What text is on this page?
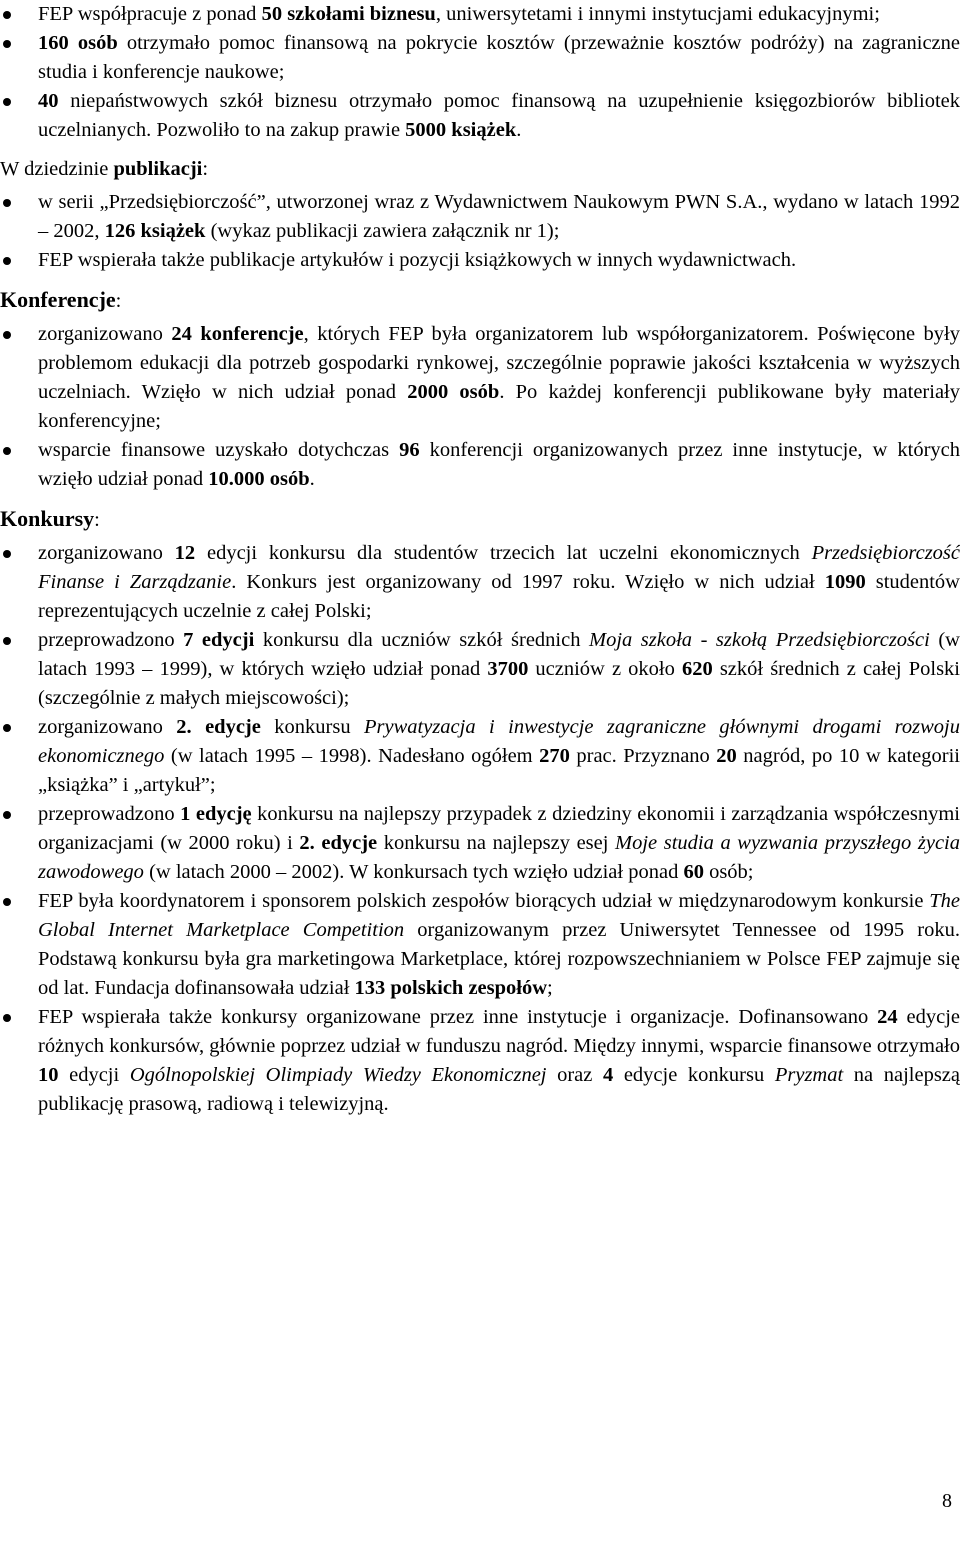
FEP współpracuje z ponad 50 szkołami biznesu, uniwersytetami i innymi instytucjami edukacyjnymi;
160 osób otrzymało pomoc finansową na pokrycie kosztów (przeważnie kosztów podróży) na zagraniczne studia i konferencje naukowe;
40 niepaństwowych szkół biznesu otrzymało pomoc finansową na uzupełnienie księgozbiorów bibliotek uczelnianych. Pozwoliło to na zakup prawie 5000 książek.
W dziedzinie publikacji:
w serii „Przedsiębiorczość”, utworzonej wraz z Wydawnictwem Naukowym PWN S.A., wydano w latach 1992 – 2002, 126 książek (wykaz publikacji zawiera załącznik nr 1);
FEP wspierała także publikacje artykułów i pozycji książkowych w innych wydawnictwach.
Konferencje:
zorganizowano 24 konferencje, których FEP była organizatorem lub współorganizatorem. Poświęcone były problemom edukacji dla potrzeb gospodarki rynkowej, szczególnie poprawie jakości kształcenia w wyższych uczelniach. Wzięło w nich udział ponad 2000 osób. Po każdej konferencji publikowane były materiały konferencyjne;
wsparcie finansowe uzyskało dotychczas 96 konferencji organizowanych przez inne instytucje, w których wzięło udział ponad 10.000 osób.
Konkursy:
zorganizowano 12 edycji konkursu dla studentów trzecich lat uczelni ekonomicznych Przedsiębiorczość Finanse i Zarządzanie. Konkurs jest organizowany od 1997 roku. Wzięło w nich udział 1090 studentów reprezentujących uczelnie z całej Polski;
przeprowadzono 7 edycji konkursu dla uczniów szkół średnich Moja szkoła - szkołą Przedsiębiorczości (w latach 1993 – 1999), w których wzięło udział ponad 3700 uczniów z około 620 szkół średnich z całej Polski (szczególnie z małych miejscowości);
zorganizowano 2. edycje konkursu Prywatyzacja i inwestycje zagraniczne głównymi drogami rozwoju ekonomicznego (w latach 1995 – 1998). Nadesłano ogółem 270 prac. Przyznano 20 nagród, po 10 w kategorii „książka” i „artykuł”;
przeprowadzono 1 edycję konkursu na najlepszy przypadek z dziedziny ekonomii i zarządzania współczesnymi organizacjami (w 2000 roku) i 2. edycje konkursu na najlepszy esej Moje studia a wyzwania przyszłego życia zawodowego (w latach 2000 – 2002). W konkursach tych wzięło udział ponad 60 osób;
FEP była koordynatorem i sponsorem polskich zespołów biorących udział w międzynarodowym konkursie The Global Internet Marketplace Competition organizowanym przez Uniwersytet Tennessee od 1995 roku. Podstawą konkursu była gra marketingowa Marketplace, której rozpowszechnianiem w Polsce FEP zajmuje się od lat. Fundacja dofinansowała udział 133 polskich zespołów;
FEP wspierała także konkursy organizowane przez inne instytucje i organizacje. Dofinansowano 24 edycje różnych konkursów, głównie poprzez udział w funduszu nagród. Między innymi, wsparcie finansowe otrzymało 10 edycji Ogólnopolskiej Olimpiady Wiedzy Ekonomicznej oraz 4 edycje konkursu Pryzmat na najlepszą publikację prasową, radiową i telewizyjną.
8
